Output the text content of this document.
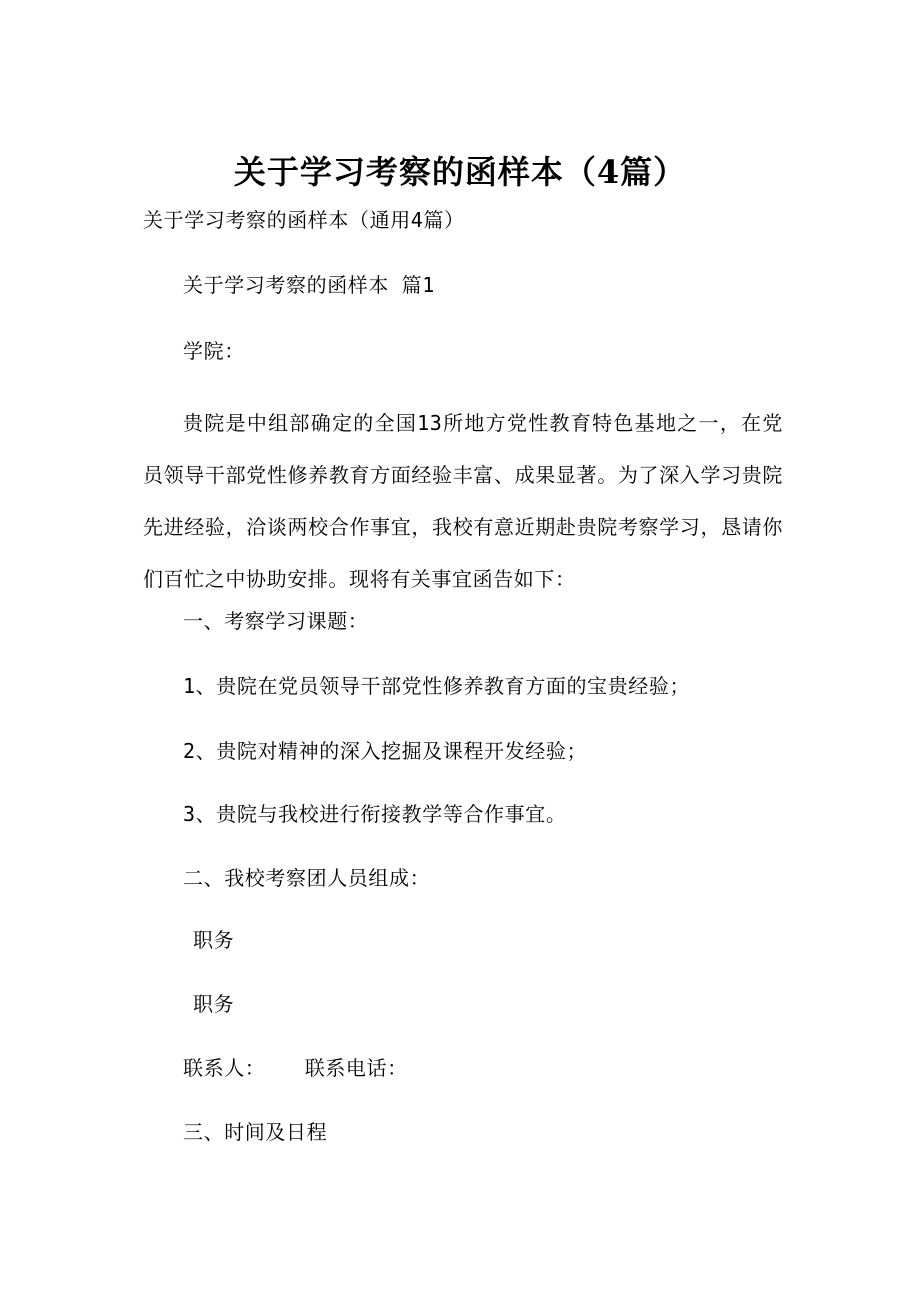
关于学习考察的函样本（4篇）
关于学习考察的函样本（通用4篇）
关于学习考察的函样本 篇1
学院：

贵院是中组部确定的全国13所地方党性教育特色基地之一，在党员领导干部党性修养教育方面经验丰富、成果显著。为了深入学习贵院先进经验，洽谈两校合作事宜，我校有意近期赴贵院考察学习，恳请你们百忙之中协助安排。现将有关事宜函告如下：

一、考察学习课题：
1、贵院在党员领导干部党性修养教育方面的宝贵经验；
2、贵院对精神的深入挖掘及课程开发经验；
3、贵院与我校进行衔接教学等合作事宜。
二、我校考察团人员组成：
职务
职务
联系人： 联系电话：
三、时间及日程
